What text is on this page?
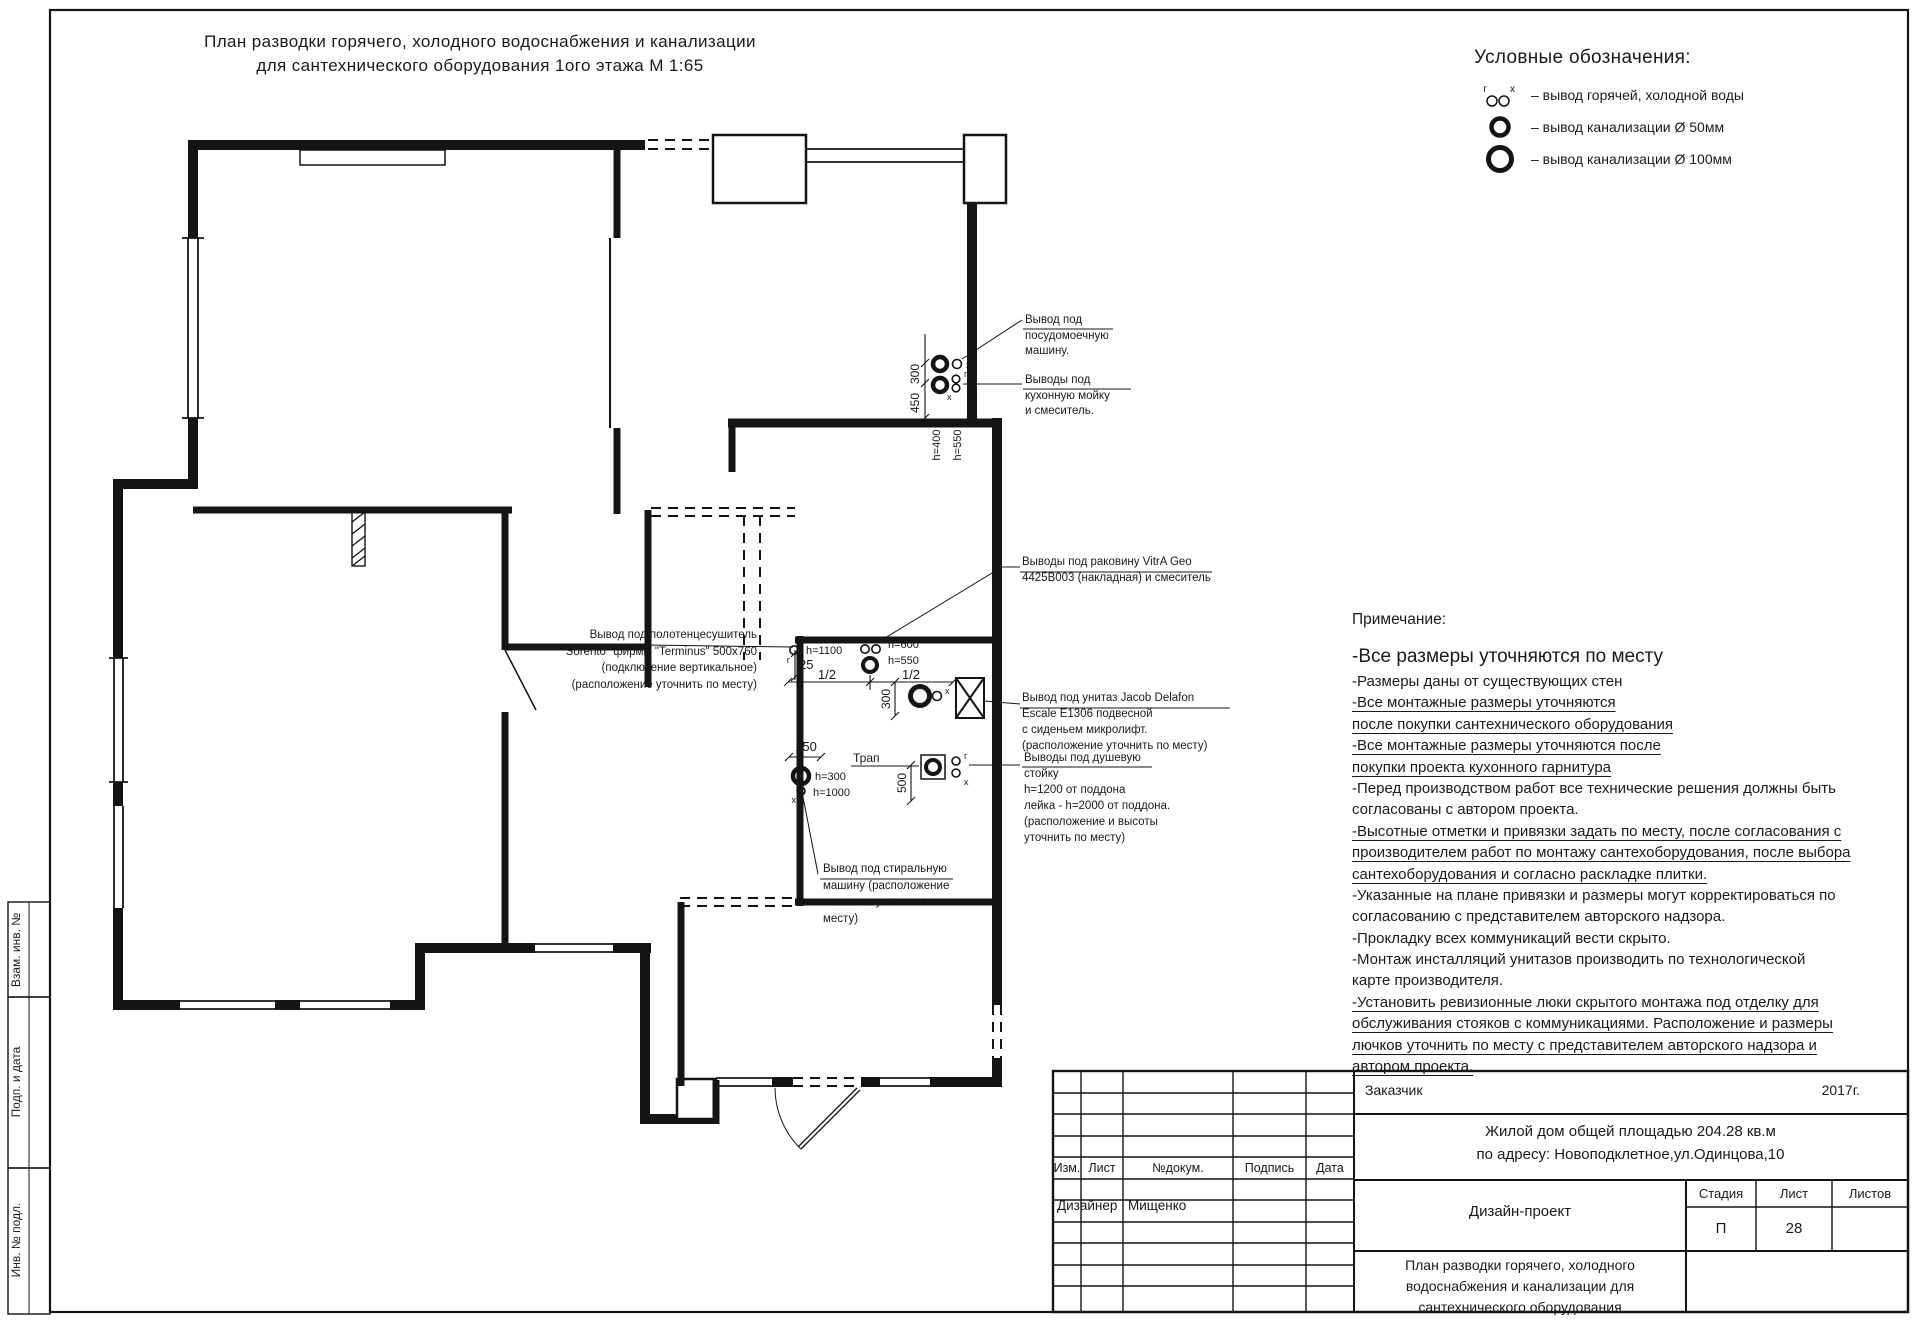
300
450
h=400 h=550
h=1100
25
1/2	1/2
h=600
h=550
300
150
Трап
500
h=300
h=1000
х
г
х
г
г	х
х
г
х
х
г х
План разводки горячего, холодного водоснабжения и канализации
для сантехнического оборудования 1ого этажа М 1:65	Условные обозначения:
– вывод горячей, холодной воды
– вывод канализации Ø 50мм
– вывод канализации Ø 100мм
Вывод под
посудомоечную
машину.
Выводы под
кухонную мойку
и смеситель.
Выводы под раковину VitrA Geo
4425B003 (накладная) и смеситель
Вывод под полотенцесушитель
"Sorento" фирмы "Terminus" 500x760
(подключение вертикальное)
(расположение уточнить по месту)
Вывод под унитаз Jacob Delafon
Escale E1306 подвесной
с сиденьем микролифт.
(расположение уточнить по месту)
Выводы под душевую
стойку
h=1200 от поддона
лейка - h=2000 от поддона.
(расположение и высоты
уточнить по месту)
Вывод под стиральную
машину (расположение
и высоты уточнить по
месту)
Примечание:
-Все размеры уточняются по месту
-Размеры даны от существующих стен
-Все монтажные размеры уточняются
после покупки сантехнического оборудования
-Все монтажные размеры уточняются после
покупки проекта кухонного гарнитура
-Перед производством работ все технические решения должны быть
согласованы с автором проекта.
-Высотные отметки и привязки задать по месту, после согласования с
производителем работ по монтажу сантехоборудования, после выбора
сантехоборудования и согласно раскладке плитки.
-Указанные на плане привязки и размеры могут корректироваться по
согласованию с представителем авторского надзора.
-Прокладку всех коммуникаций вести скрыто.
-Монтаж инсталляций унитазов производить по технологической
карте производителя.
-Установить ревизионные люки скрытого монтажа под отделку для
обслуживания стояков с коммуникациями. Расположение и размеры
лючков уточнить по месту с представителем авторского надзора и
автором проекта.
Заказчик	2017г.
Жилой дом общей площадью 204.28 кв.м
по адресу: Новоподклетное,ул.Одинцова,10
Изм. Лист	№докум.	Подпись	Дата
Дизайнер Мищенко	Дизайн-проект
Стадия	Лист	Листов
П	28
План разводки горячего, холодного
водоснабжения и канализации для
сантехнического оборудования
Взам. инв. №
Подп. и дата
Инв. № подл.
